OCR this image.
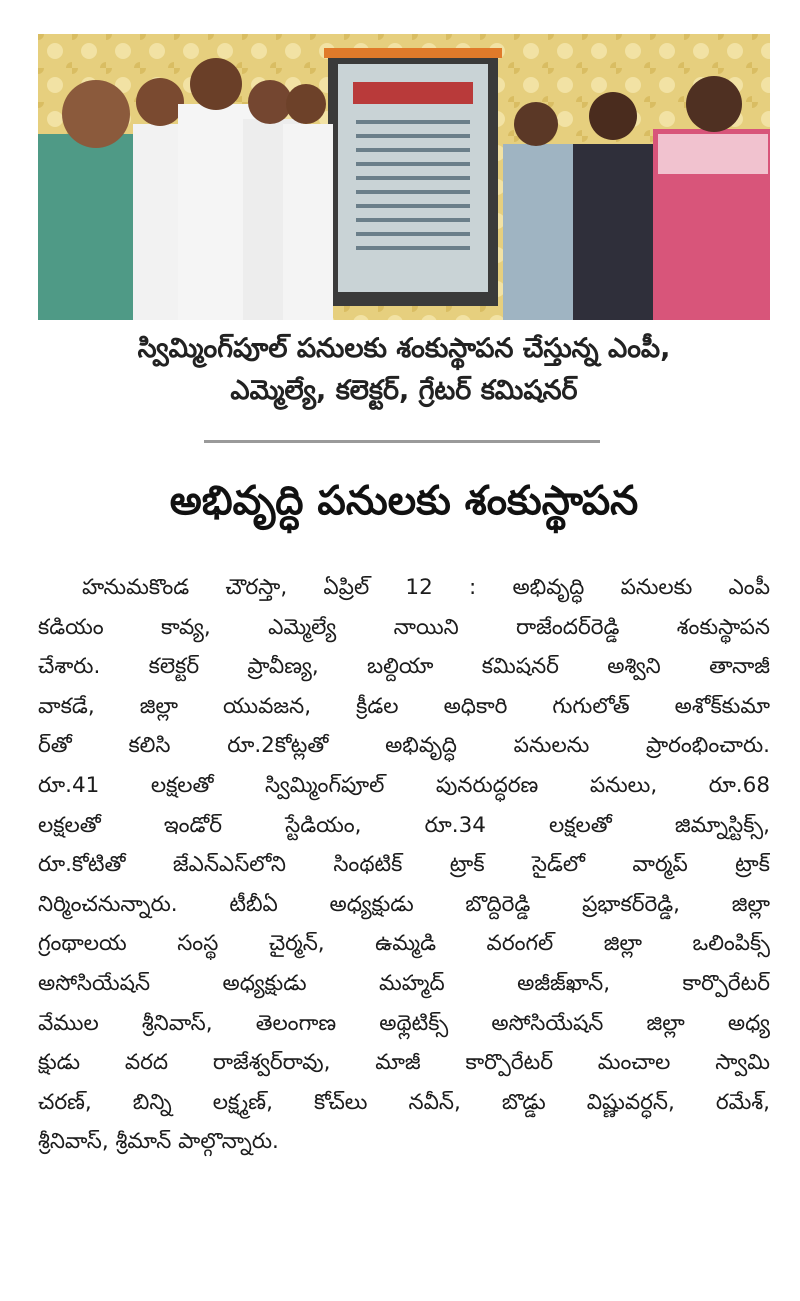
స్విమ్మింగ్‌పూల్ పనులకు శంకుస్థాపన చేస్తున్న ఎంపీ,
ఎమ్మెల్యే, కలెక్టర్, గ్రేటర్ కమిషనర్
అభివృద్ధి పనులకు శంకుస్థాపన
హనుమకొండ చౌరస్తా, ఏప్రిల్ 12 : అభివృద్ధి పనులకు ఎంపీ
కడియం కావ్య, ఎమ్మెల్యే నాయిని రాజేందర్‌రెడ్డి శంకుస్థాపన
చేశారు. కలెక్టర్ ప్రావీణ్య, బల్దియా కమిషనర్ అశ్విని తానాజీ
వాకడే, జిల్లా యువజన, క్రీడల అధికారి గుగులోత్ అశోక్‌కుమా
ర్‌తో కలిసి రూ.2కోట్లతో అభివృద్ధి పనులను ప్రారంభించారు.
రూ.41 లక్షలతో స్విమ్మింగ్‌పూల్ పునరుద్ధరణ పనులు, రూ.68
లక్షలతో ఇండోర్ స్టేడియం, రూ.34 లక్షలతో జిమ్నాస్టిక్స్,
రూ.కోటితో జేఎన్‌ఎస్‌లోని సింథటిక్ ట్రాక్ సైడ్‌లో వార్మప్ ట్రాక్
నిర్మించనున్నారు. టీబీఏ అధ్యక్షుడు బొద్దిరెడ్డి ప్రభాకర్‌రెడ్డి, జిల్లా
గ్రంథాలయ సంస్థ చైర్మన్, ఉమ్మడి వరంగల్ జిల్లా ఒలింపిక్స్
అసోసియేషన్ అధ్యక్షుడు మహ్మద్ అజీజ్‌ఖాన్, కార్పొరేటర్
వేముల శ్రీనివాస్, తెలంగాణ అథ్లెటిక్స్ అసోసియేషన్ జిల్లా అధ్య
క్షుడు వరద రాజేశ్వర్‌రావు, మాజీ కార్పొరేటర్ మంచాల స్వామి
చరణ్, బిన్ని లక్ష్మణ్, కోచ్‌లు నవీన్, బొడ్డు విష్ణువర్ధన్, రమేశ్,
శ్రీనివాస్, శ్రీమాన్ పాల్గొన్నారు.
